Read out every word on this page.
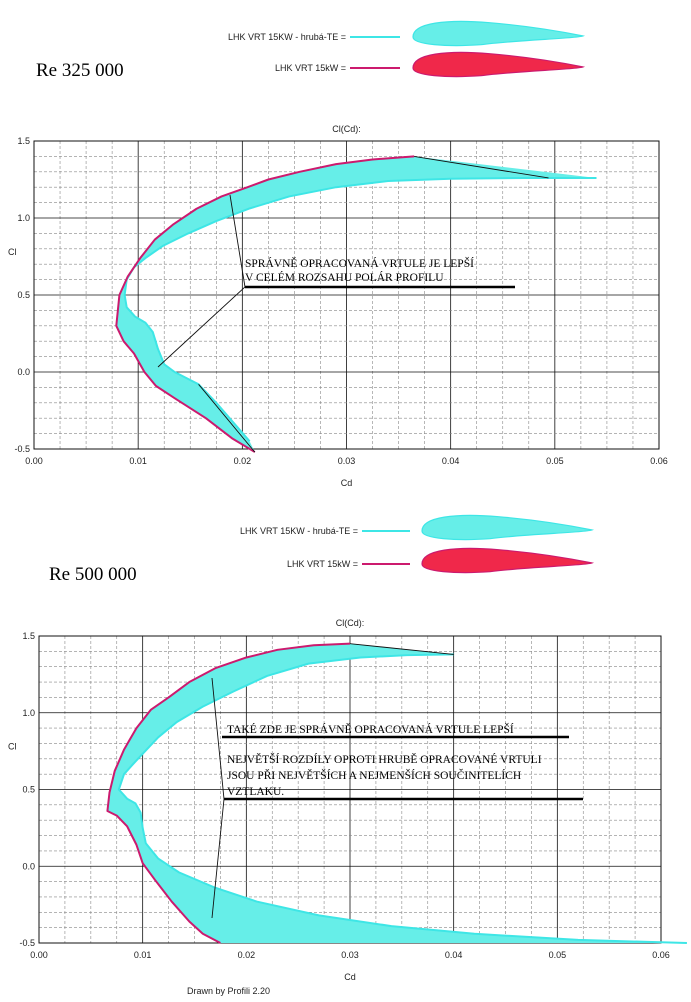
Re 325 000
LHK VRT 15KW - hrubá-TE =
LHK VRT 15kW =
Cl(Cd):
0.00	0.01	0.02	0.03	0.04	0.05	0.06
-0.5
0.0
0.5
1.0
1.5
Cd
Cl
SPRÁVNĚ OPRACOVANÁ VRTULE JE LEPŠÍ
V CELÉM ROZSAHU POLÁR PROFILU
Re 500 000
LHK VRT 15KW - hrubá-TE =
LHK VRT 15kW =
Cl(Cd):
0.00	0.01	0.02	0.03	0.04	0.05	0.06
-0.5
0.0
0.5
1.0
1.5
Cd
Cl
TAKÉ ZDE JE SPRÁVNĚ OPRACOVANÁ VRTULE LEPŠÍ
NEJVĚTŠÍ ROZDÍLY OPROTI HRUBĚ OPRACOVANÉ VRTULI
JSOU PŘI NEJVĚTŠÍCH A NEJMENŠÍCH SOUČINITELÍCH
VZTLAKU.
Drawn by Profili 2.20
